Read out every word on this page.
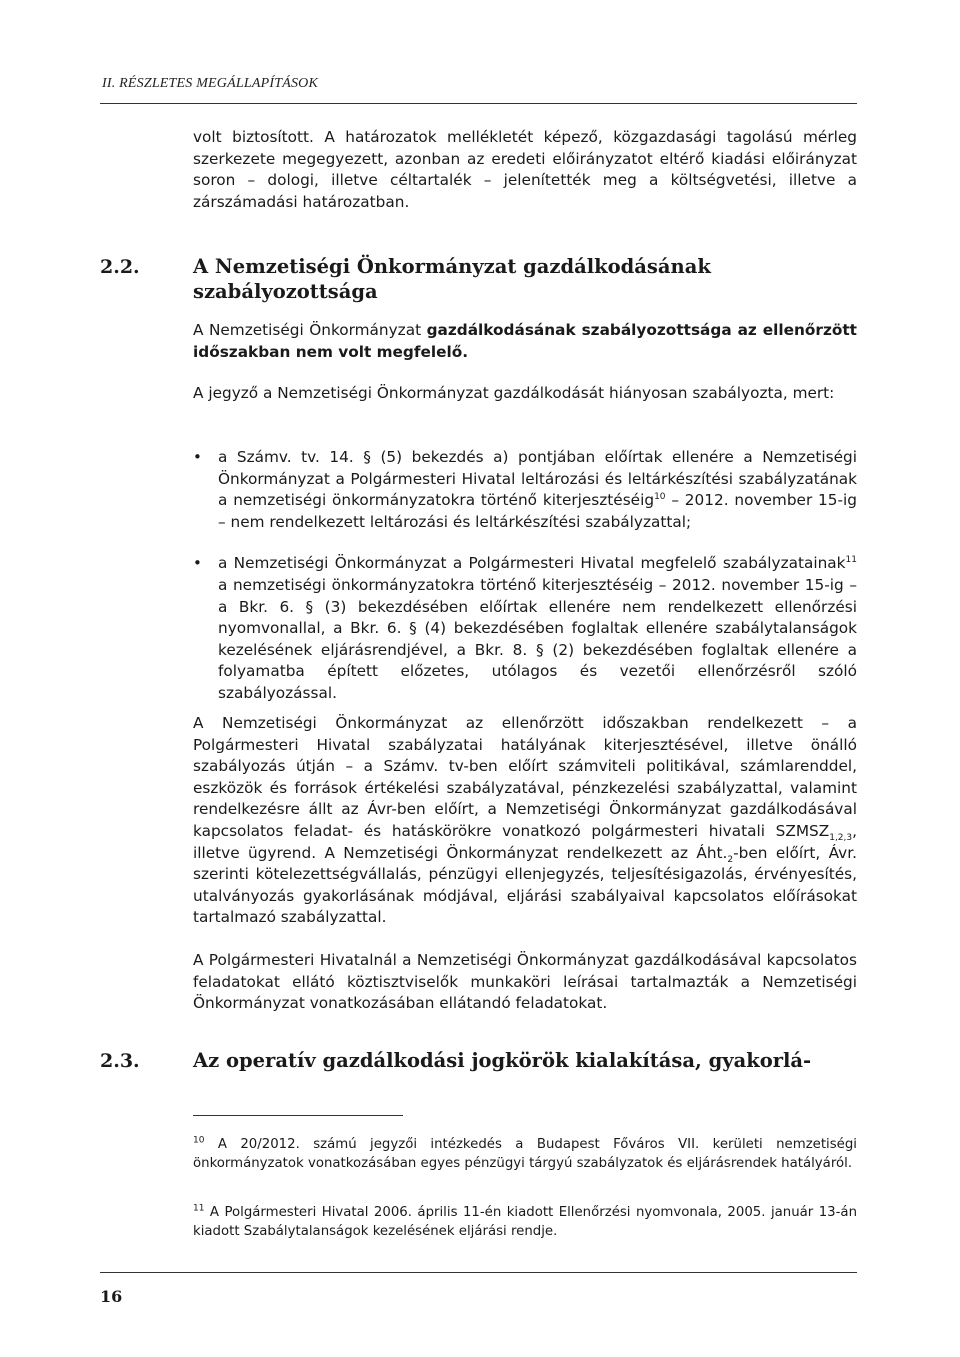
II. RÉSZLETES MEGÁLLAPÍTÁSOK

volt biztosított. A határozatok mellékletét képező, közgazdasági tagolású mérleg szerkezete megegyezett, azonban az eredeti előirányzatot eltérő kiadási előirányzat soron – dologi, illetve céltartalék – jelenítették meg a költségvetési, illetve a zárszámadási határozatban.

2.2.	A Nemzetiségi Önkormányzat gazdálkodásának szabályozottsága

A Nemzetiségi Önkormányzat gazdálkodásának szabályozottsága az ellenőrzött időszakban nem volt megfelelő.

A jegyző a Nemzetiségi Önkormányzat gazdálkodását hiányosan szabályozta, mert:

• a Számv. tv. 14. § (5) bekezdés a) pontjában előírtak ellenére a Nemzetiségi Önkormányzat a Polgármesteri Hivatal leltározási és leltárkészítési szabályzatának a nemzetiségi önkormányzatokra történő kiterjesztéséig$^{10}$ – 2012. november 15-ig – nem rendelkezett leltározási és leltárkészítési szabályzattal;
• a Nemzetiségi Önkormányzat a Polgármesteri Hivatal megfelelő szabályzatainak$^{11}$ a nemzetiségi önkormányzatokra történő kiterjesztéséig – 2012. november 15-ig – a Bkr. 6. § (3) bekezdésében előírtak ellenére nem rendelkezett ellenőrzési nyomvonallal, a Bkr. 6. § (4) bekezdésében foglaltak ellenére szabálytalanságok kezelésének eljárásrendjével, a Bkr. 8. § (2) bekezdésében foglaltak ellenére a folyamatba épített előzetes, utólagos és vezetői ellenőrzésről szóló szabályozással.

A Nemzetiségi Önkormányzat az ellenőrzött időszakban rendelkezett – a Polgármesteri Hivatal szabályzatai hatályának kiterjesztésével, illetve önálló szabályozás útján – a Számv. tv-ben előírt számviteli politikával, számlarenddel, eszközök és források értékelési szabályzatával, pénzkezelési szabályzattal, valamint rendelkezésre állt az Ávr-ben előírt, a Nemzetiségi Önkormányzat gazdálkodásával kapcsolatos feladat- és hatáskörökre vonatkozó polgármesteri hivatali $SZMSZ_{1,2,3}$, illetve ügyrend. A Nemzetiségi Önkormányzat rendelkezett az $Áht._2$-ben előírt, Ávr. szerinti kötelezettségvállalás, pénzügyi ellenjegyzés, teljesítésigazolás, érvényesítés, utalványozás gyakorlásának módjával, eljárási szabályaival kapcsolatos előírásokat tartalmazó szabályzattal.

A Polgármesteri Hivatalnál a Nemzetiségi Önkormányzat gazdálkodásával kapcsolatos feladatokat ellátó köztisztviselők munkaköri leírásai tartalmazták a Nemzetiségi Önkormányzat vonatkozásában ellátandó feladatokat.

2.3.	Az operatív gazdálkodási jogkörök kialakítása, gyakorlá-

$^{10}$ A 20/2012. számú jegyzői intézkedés a Budapest Főváros VII. kerületi nemzetiségi önkormányzatok vonatkozásában egyes pénzügyi tárgyú szabályzatok és eljárásrendek hatályáról.

$^{11}$ A Polgármesteri Hivatal 2006. április 11-én kiadott Ellenőrzési nyomvonala, 2005. január 13-án kiadott Szabálytalanságok kezelésének eljárási rendje.

16
